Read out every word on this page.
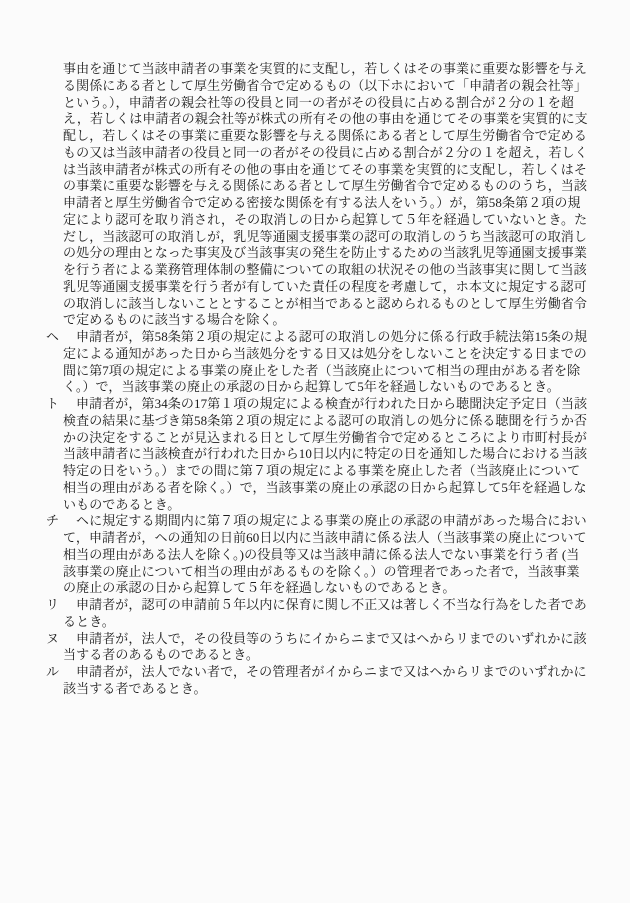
事由を通じて当該申請者の事業を実質的に支配し，若しくはその事業に重要な影響を与え
る関係にある者として厚生労働省令で定めるもの（以下ホにおいて「申請者の親会社等」
という。），申請者の親会社等の役員と同一の者がその役員に占める割合が２分の１を超
え，若しくは申請者の親会社等が株式の所有その他の事由を通じてその事業を実質的に支
配し，若しくはその事業に重要な影響を与える関係にある者として厚生労働省令で定める
もの又は当該申請者の役員と同一の者がその役員に占める割合が２分の１を超え，若しく
は当該申請者が株式の所有その他の事由を通じてその事業を実質的に支配し，若しくはそ
の事業に重要な影響を与える関係にある者として厚生労働省令で定めるもののうち，当該
申請者と厚生労働省令で定める密接な関係を有する法人をいう。）が，第58条第２項の規
定により認可を取り消され，その取消しの日から起算して５年を経過していないとき。た
だし，当該認可の取消しが，乳児等通園支援事業の認可の取消しのうち当該認可の取消し
の処分の理由となった事実及び当該事実の発生を防止するための当該乳児等通園支援事業
を行う者による業務管理体制の整備についての取組の状況その他の当該事実に関して当該
乳児等通園支援事業を行う者が有していた責任の程度を考慮して，ホ本文に規定する認可
の取消しに該当しないこととすることが相当であると認められるものとして厚生労働省令
で定めるものに該当する場合を除く。
ヘ 申請者が，第58条第２項の規定による認可の取消しの処分に係る行政手続法第15条の規
定による通知があった日から当該処分をする日又は処分をしないことを決定する日までの
間に第7項の規定による事業の廃止をした者（当該廃止について相当の理由がある者を除
く。）で，当該事業の廃止の承認の日から起算して5年を経過しないものであるとき。
ト 申請者が，第34条の17第１項の規定による検査が行われた日から聴聞決定予定日（当該
検査の結果に基づき第58条第２項の規定による認可の取消しの処分に係る聴聞を行うか否
かの決定をすることが見込まれる日として厚生労働省令で定めるところにより市町村長が
当該申請者に当該検査が行われた日から10日以内に特定の日を通知した場合における当該
特定の日をいう。）までの間に第７項の規定による事業を廃止した者（当該廃止について
相当の理由がある者を除く。）で，当該事業の廃止の承認の日から起算して5年を経過しな
いものであるとき。
チ ヘに規定する期間内に第７項の規定による事業の廃止の承認の申請があった場合におい
て，申請者が，ヘの通知の日前60日以内に当該申請に係る法人（当該事業の廃止について
相当の理由がある法人を除く。)の役員等又は当該申請に係る法人でない事業を行う者 (当
該事業の廃止について相当の理由があるものを除く。）の管理者であった者で，当該事業
の廃止の承認の日から起算して５年を経過しないものであるとき。
リ 申請者が，認可の申請前５年以内に保育に関し不正又は著しく不当な行為をした者であ
るとき。
ヌ 申請者が，法人で，その役員等のうちにイからニまで又はヘからリまでのいずれかに該
当する者のあるものであるとき。
ル 申請者が，法人でない者で，その管理者がイからニまで又はヘからリまでのいずれかに
該当する者であるとき。
